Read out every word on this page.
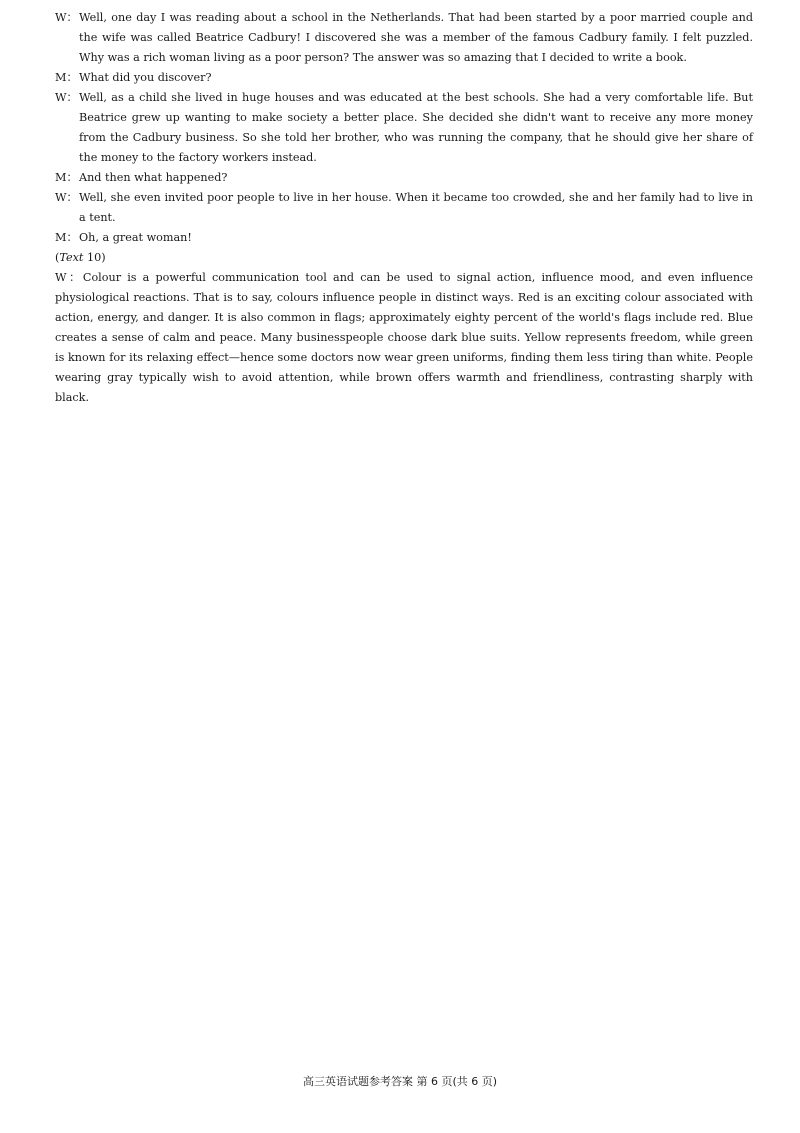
W： Well, one day I was reading about a school in the Netherlands. That had been started by a poor married couple and the wife was called Beatrice Cadbury! I discovered she was a member of the famous Cadbury family. I felt puzzled. Why was a rich woman living as a poor person? The answer was so amazing that I decided to write a book.
M： What did you discover?
W： Well, as a child she lived in huge houses and was educated at the best schools. She had a very comfortable life. But Beatrice grew up wanting to make society a better place. She decided she didn't want to receive any more money from the Cadbury business. So she told her brother, who was running the company, that he should give her share of the money to the factory workers instead.
M： And then what happened?
W： Well, she even invited poor people to live in her house. When it became too crowded, she and her family had to live in a tent.
M： Oh, a great woman!
(Text 10)
W：Colour is a powerful communication tool and can be used to signal action, influence mood, and even influence physiological reactions. That is to say, colours influence people in distinct ways. Red is an exciting colour associated with action, energy, and danger. It is also common in flags; approximately eighty percent of the world's flags include red. Blue creates a sense of calm and peace. Many businesspeople choose dark blue suits. Yellow represents freedom, while green is known for its relaxing effect—hence some doctors now wear green uniforms, finding them less tiring than white. People wearing gray typically wish to avoid attention, while brown offers warmth and friendliness, contrasting sharply with black.
高三英语试题参考答案 第 6 页(共 6 页)
